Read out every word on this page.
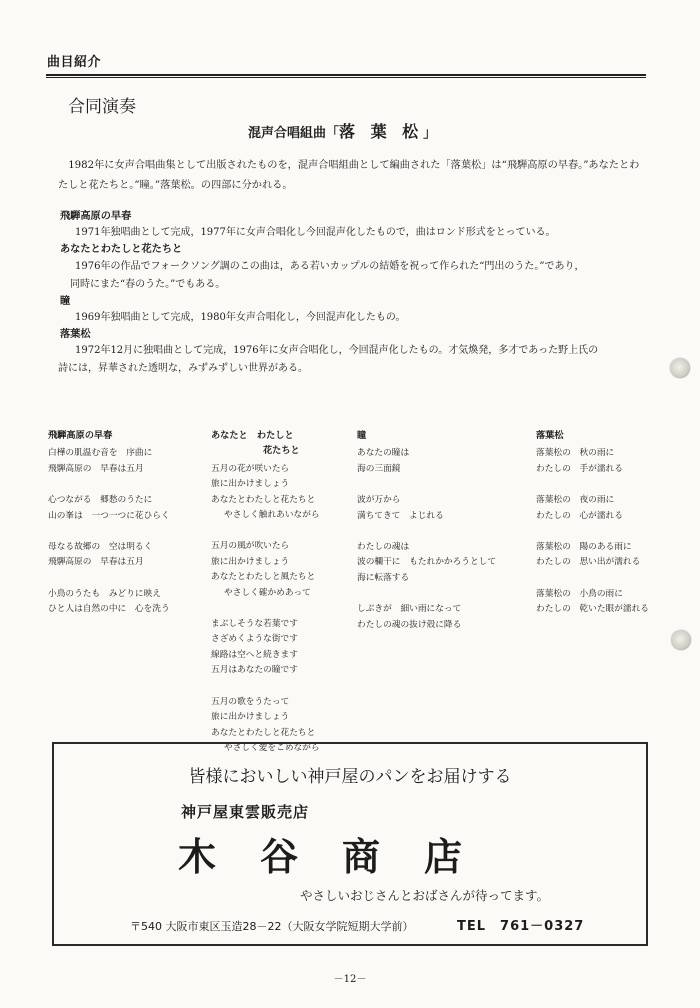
曲目紹介
合同演奏
混声合唱組曲「落 葉 松」
1982年に女声合唱曲集として出版されたものを，混声合唱組曲として編曲された「落葉松」は“飛騨高原の早春。”あなたとわたしと花たちと。”瞳。”落葉松。の四部に分かれる。
飛騨高原の早春
1971年独唱曲として完成，1977年に女声合唱化し今回混声化したもので，曲はロンド形式をとっている。
あなたとわたしと花たちと
1976年の作品でフォークソング調のこの曲は，ある若いカップルの結婚を祝って作られた“門出のうた。”であり，
同時にまた“春のうた。”でもある。
瞳
1969年独唱曲として完成，1980年女声合唱化し，今回混声化したもの。
落葉松
1972年12月に独唱曲として完成，1976年に女声合唱化し，今回混声化したもの。才気煥発，多才であった野上氏の
詩には，昇華された透明な，みずみずしい世界がある。
飛騨高原の早春
白樺の肌温む音を　序曲に
飛騨高原の　早春は五月
心つながる　郷愁のうたに
山の峯は　一つ一つに花ひらく
母なる故郷の　空は明るく
飛騨高原の　早春は五月
小鳥のうたも　みどりに映え
ひと人は自然の中に　心を洗う
あなたと　わたしと
花たちと
五月の花が咲いたら
旅に出かけましょう
あなたとわたしと花たちと
やさしく触れあいながら
五月の風が吹いたら
旅に出かけましょう
あなたとわたしと風たちと
やさしく確かめあって
まぶしそうな若葉です
さざめくような街です
線路は空へと続きます
五月はあなたの瞳です
五月の歌をうたって
旅に出かけましょう
あなたとわたしと花たちと
やさしく愛をこめながら
瞳
あなたの瞳は
海の三面鏡
波が万から
満ちてきて　よじれる
わたしの魂は
波の欄干に　もたれかかろうとして
海に転落する
しぶきが　細い雨になって
わたしの魂の抜け殻に降る
落葉松
落葉松の　秋の雨に
わたしの　手が濡れる
落葉松の　夜の雨に
わたしの　心が濡れる
落葉松の　陽のある雨に
わたしの　思い出が濡れる
落葉松の　小鳥の雨に
わたしの　乾いた眼が濡れる
皆様においしい神戸屋のパンをお届けする
神戸屋東雲販売店
木谷商店
やさしいおじさんとおばさんが待ってます。
〒540 大阪市東区玉造28－22（大阪女学院短期大学前）	TEL　761－0327
－12－
